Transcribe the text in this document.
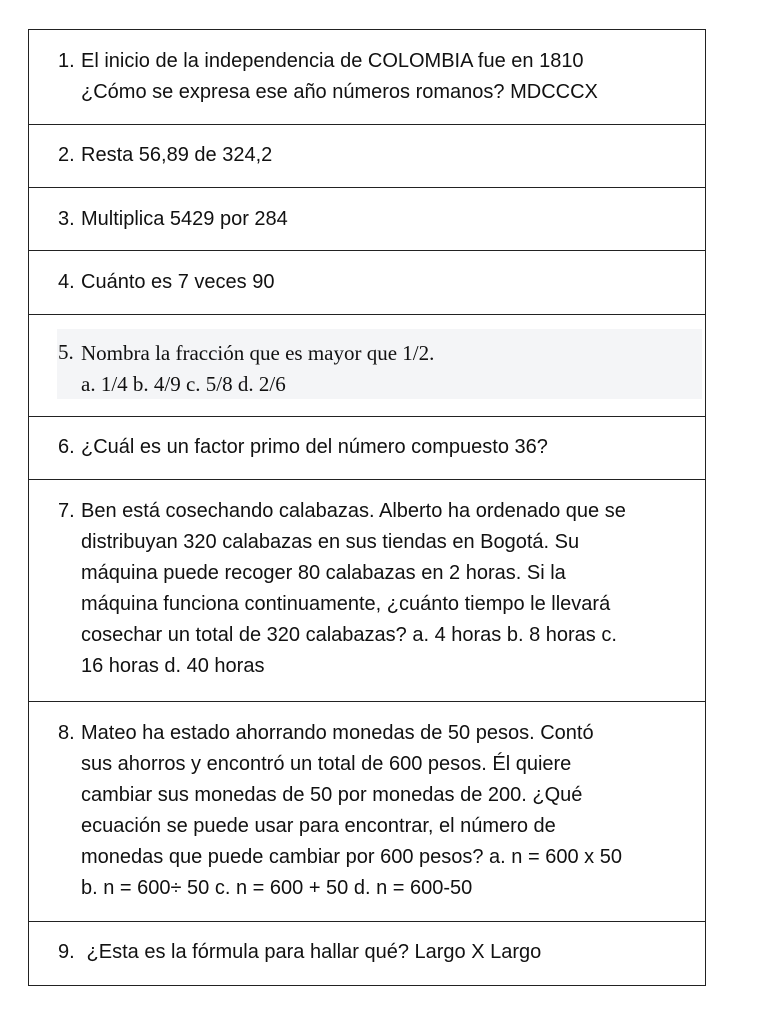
1. El inicio de la independencia de COLOMBIA fue en 1810
¿Cómo se expresa ese año números romanos? MDCCCX
2. Resta 56,89 de 324,2
3. Multiplica 5429 por 284
4. Cuánto es 7 veces 90
5. Nombra la fracción que es mayor que 1/2.
a. 1/4 b. 4/9 c. 5/8 d. 2/6
6. ¿Cuál es un factor primo del número compuesto 36?
7. Ben está cosechando calabazas. Alberto ha ordenado que se
distribuyan 320 calabazas en sus tiendas en Bogotá. Su
máquina puede recoger 80 calabazas en 2 horas. Si la
máquina funciona continuamente, ¿cuánto tiempo le llevará
cosechar un total de 320 calabazas? a. 4 horas b. 8 horas c.
16 horas d. 40 horas
8. Mateo ha estado ahorrando monedas de 50 pesos. Contó
sus ahorros y encontró un total de 600 pesos. Él quiere
cambiar sus monedas de 50 por monedas de 200. ¿Qué
ecuación se puede usar para encontrar, el número de
monedas que puede cambiar por 600 pesos? a. n = 600 x 50
b. n = 600÷ 50 c. n = 600 + 50 d. n = 600-50
9. ¿Esta es la fórmula para hallar qué? Largo X Largo
